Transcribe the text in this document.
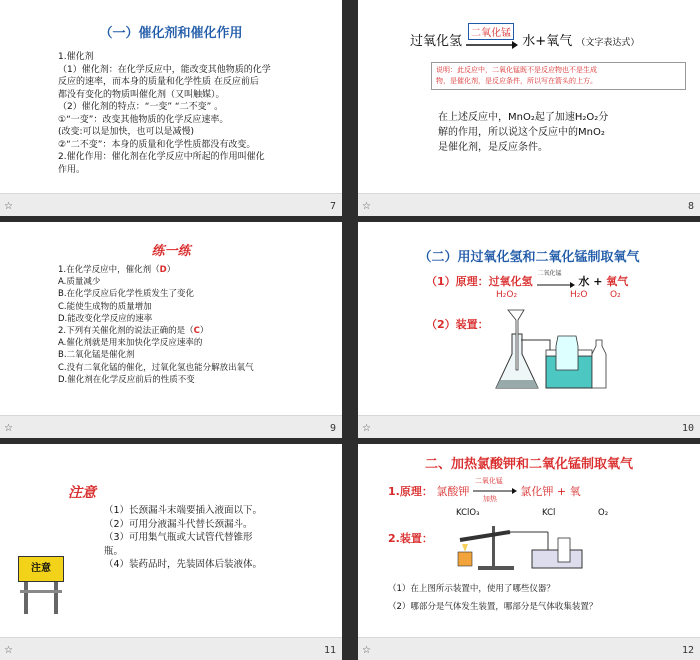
（一）催化剂和催化作用
1.催化剂
（1）催化剂：在化学反应中，能改变其他物质的化学
反应的速率，而本身的质量和化学性质 在反应前后
都没有变化的物质叫催化剂（又叫触媒）。
（2）催化剂的特点：“一变” “二不变” 。
①“一变”：改变其他物质的化学反应速率。
(改变:可以是加快，也可以是减慢)
②“二不变”：本身的质量和化学性质都没有改变。
2.催化作用：催化剂在化学反应中所起的作用叫催化
作用。
☆	7
过氧化氢
二氧化锰
水+氧气 （文字表达式）
说明：此反应中，二氧化锰既不是反应物也不是生成
物，是催化剂，是反应条件，所以写在箭头的上方。
在上述反应中，MnO₂起了加速H₂O₂分
解的作用，所以说这个反应中的MnO₂
是催化剂，是反应条件。
☆	8
练一练
1.在化学反应中，催化剂（D）
A.质量减少
B.在化学反应后化学性质发生了变化
C.能使生成物的质量增加
D.能改变化学反应的速率
2.下列有关催化剂的说法正确的是（C）
A.催化剂就是用来加快化学反应速率的
B.二氧化锰是催化剂
C.没有二氧化锰的催化，过氧化氢也能分解放出氧气
D.催化剂在化学反应前后的性质不变
☆	9
（二）用过氧化氢和二氧化锰制取氧气
（1）原理：过氧化氢
二氧化锰
水 + 氧气
H₂O₂	H₂O	O₂
（2）装置：
☆	10
注意
（1）长颈漏斗末端要插入液面以下。
（2）可用分液漏斗代替长颈漏斗。
（3）可用集气瓶或大试管代替锥形
瓶。
（4）装药品时，先装固体后装液体。
注意
☆	11
二、加热氯酸钾和二氧化锰制取氧气
1.原理： 氯酸钾
二氧化锰
加热
氯化钾 + 氧
KClO₃	KCl	O₂
2.装置：
（1）在上图所示装置中，使用了哪些仪器？
（2）哪部分是气体发生装置，哪部分是气体收集装置？
☆	12
